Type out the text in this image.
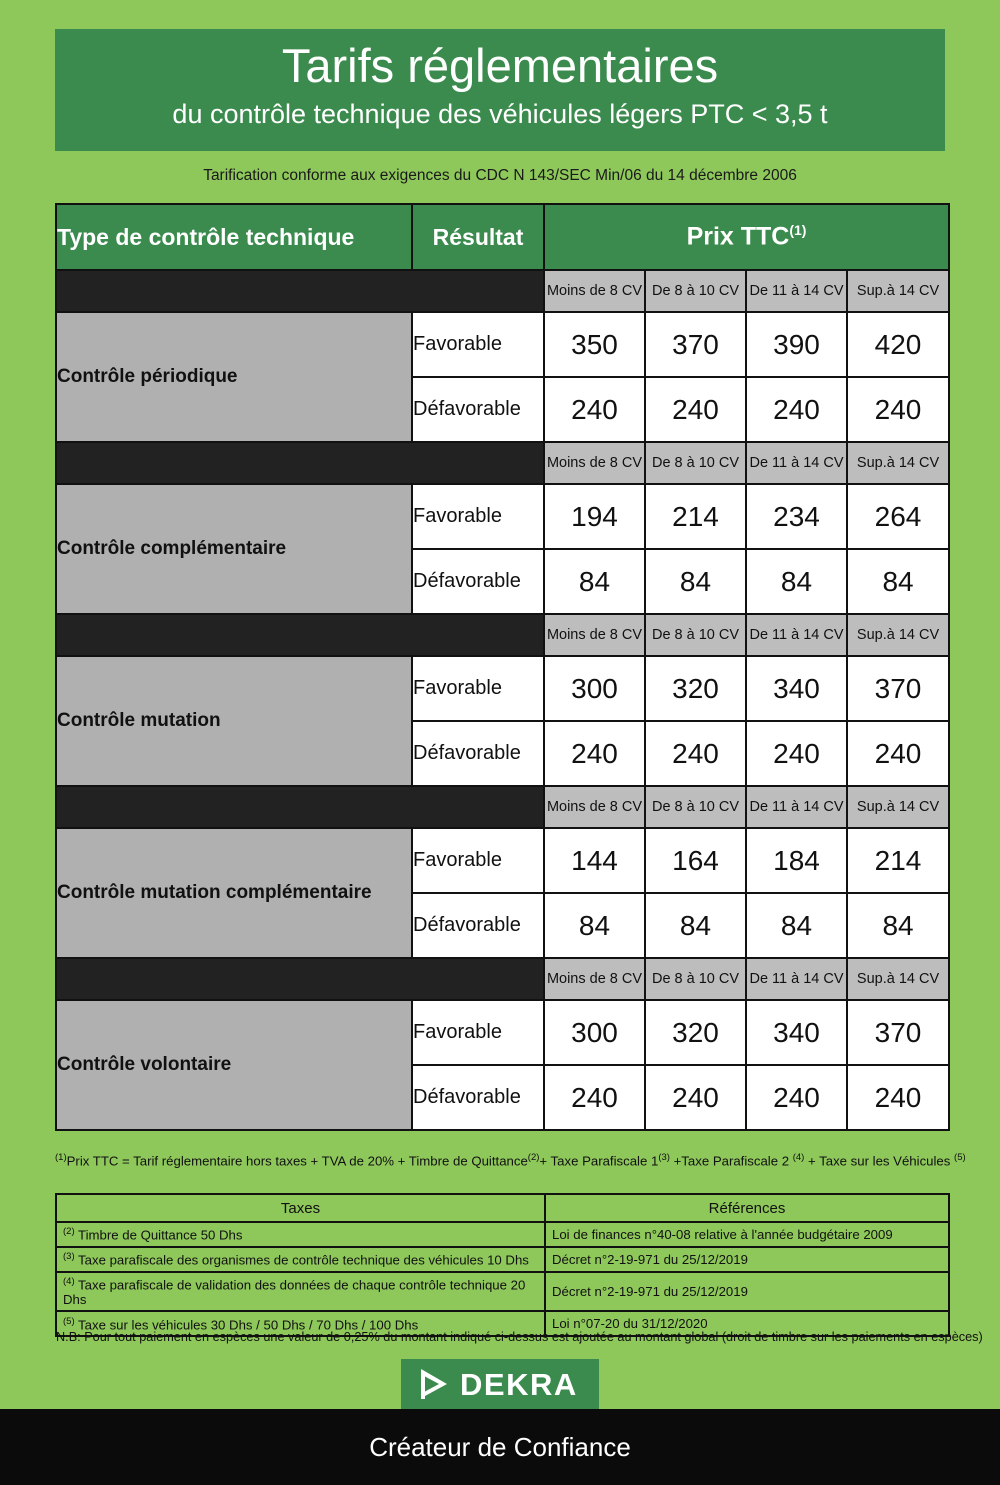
Tarifs réglementaires
du contrôle technique des véhicules légers PTC < 3,5 t
Tarification conforme aux exigences du CDC N 143/SEC Min/06 du 14 décembre 2006
Type de contrôle technique	Résultat	Prix TTC$^{(1)}$
		Moins de 8 CV	De 8 à 10 CV	De 11 à 14 CV	Sup.à 14 CV
Contrôle périodique	Favorable	350	370	390	420
	Défavorable	240	240	240	240
		Moins de 8 CV	De 8 à 10 CV	De 11 à 14 CV	Sup.à 14 CV
Contrôle complémentaire	Favorable	194	214	234	264
	Défavorable	84	84	84	84
		Moins de 8 CV	De 8 à 10 CV	De 11 à 14 CV	Sup.à 14 CV
Contrôle mutation	Favorable	300	320	340	370
	Défavorable	240	240	240	240
		Moins de 8 CV	De 8 à 10 CV	De 11 à 14 CV	Sup.à 14 CV
Contrôle mutation complémentaire	Favorable	144	164	184	214
	Défavorable	84	84	84	84
		Moins de 8 CV	De 8 à 10 CV	De 11 à 14 CV	Sup.à 14 CV
Contrôle volontaire	Favorable	300	320	340	370
	Défavorable	240	240	240	240
$^{(1)}$Prix TTC = Tarif réglementaire hors taxes + TVA de 20% + Timbre de Quittance$^{(2)}$+ Taxe Parafiscale $1^{(3)}$ +Taxe Parafiscale 2 $^{(4)}$ + Taxe sur les Véhicules $^{(5)}$
Taxes	Références
$^{(2)}$ Timbre de Quittance 50 Dhs	Loi de finances n°40-08 relative à l'année budgétaire 2009
$^{(3)}$ Taxe parafiscale des organismes de contrôle technique des véhicules 10 Dhs	Décret n°2-19-971 du 25/12/2019
$^{(4)}$ Taxe parafiscale de validation des données de chaque contrôle technique 20 Dhs	Décret n°2-19-971 du 25/12/2019
$^{(5)}$ Taxe sur les véhicules 30 Dhs / 50 Dhs / 70 Dhs / 100 Dhs	Loi n°07-20 du 31/12/2020
N.B: Pour tout paiement en espèces une valeur de 0,25% du montant indiqué ci-dessus est ajoutée au montant global (droit de timbre sur les paiements en espèces)
DEKRA
Créateur de Confiance
